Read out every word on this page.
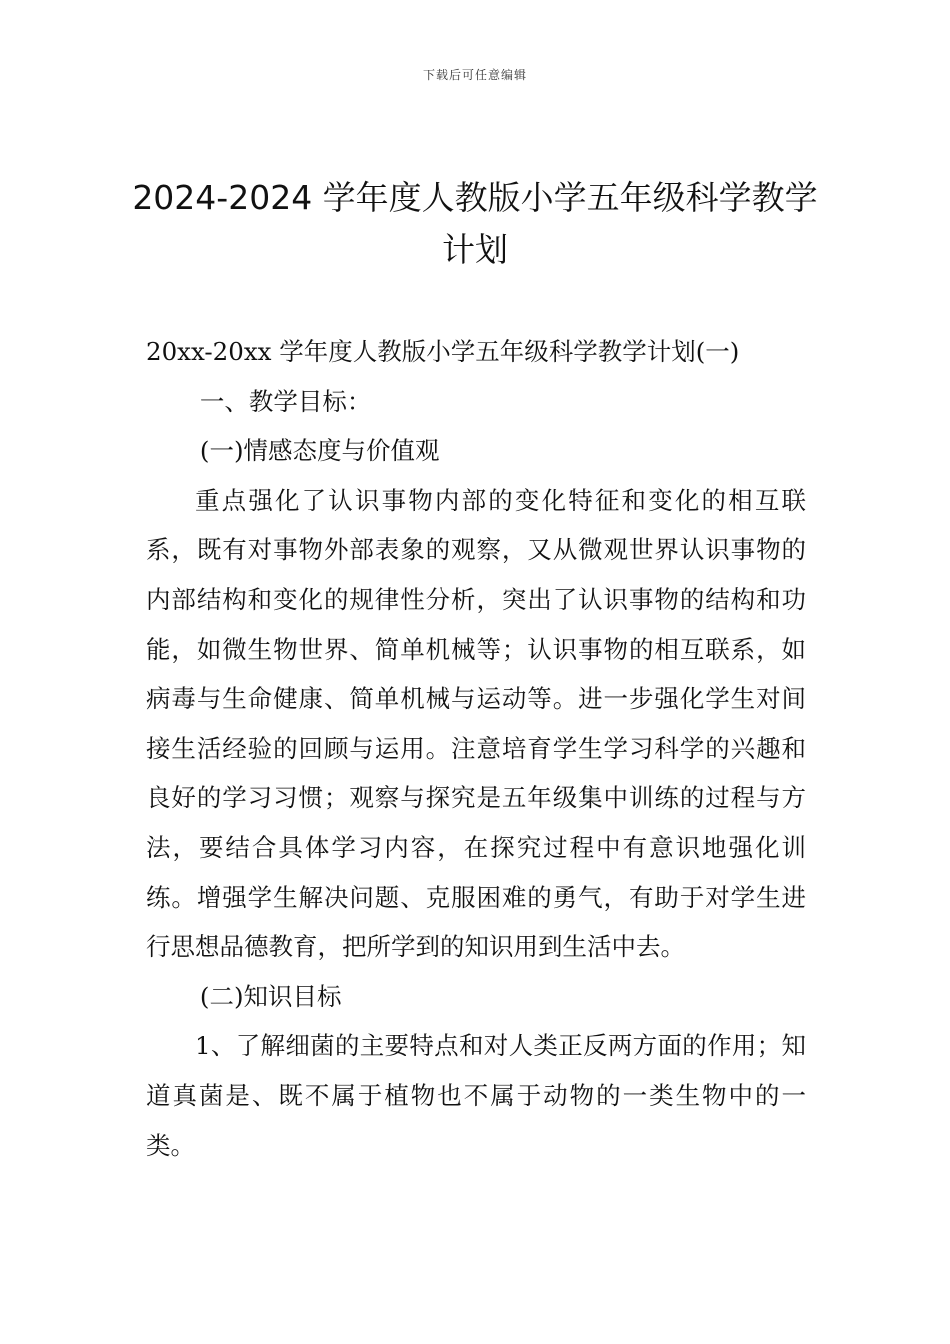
下载后可任意编辑
2024-2024 学年度人教版小学五年级科学教学计划

20xx-20xx 学年度人教版小学五年级科学教学计划(一)

一、教学目标：

(一)情感态度与价值观

重点强化了认识事物内部的变化特征和变化的相互联系，既有对事物外部表象的观察，又从微观世界认识事物的内部结构和变化的规律性分析，突出了认识事物的结构和功能，如微生物世界、简单机械等；认识事物的相互联系，如病毒与生命健康、简单机械与运动等。进一步强化学生对间接生活经验的回顾与运用。注意培育学生学习科学的兴趣和良好的学习习惯；观察与探究是五年级集中训练的过程与方法，要结合具体学习内容，在探究过程中有意识地强化训练。增强学生解决问题、克服困难的勇气，有助于对学生进行思想品德教育，把所学到的知识用到生活中去。

(二)知识目标

1、了解细菌的主要特点和对人类正反两方面的作用；知道真菌是、既不属于植物也不属于动物的一类生物中的一类。
